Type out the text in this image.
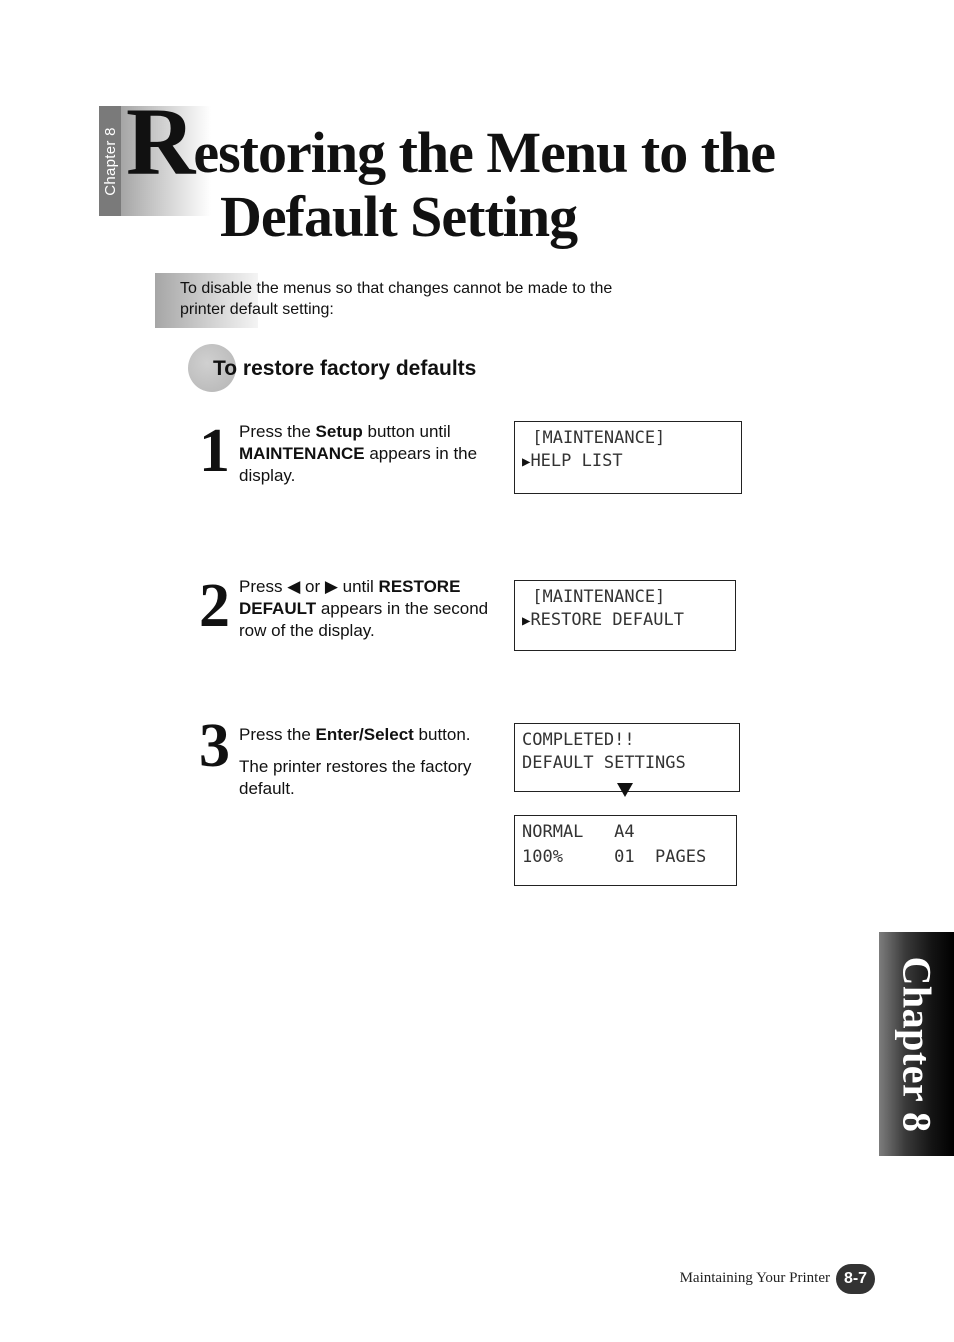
Chapter 8 Restoring the Menu to the
Default Setting
To disable the menus so that changes cannot be made to the printer default setting:
To restore factory defaults
1 Press the Setup button until MAINTENANCE appears in the display.

[MAINTENANCE]
▶HELP LIST
2 Press ◀ or ▶ until RESTORE DEFAULT appears in the second row of the display.

[MAINTENANCE]
▶RESTORE DEFAULT
3 Press the Enter/Select button.

The printer restores the factory default.

COMPLETED!!
DEFAULT SETTINGS
NORMAL   A4
100%     01  PAGES
Chapter 8
Maintaining Your Printer 8-7
